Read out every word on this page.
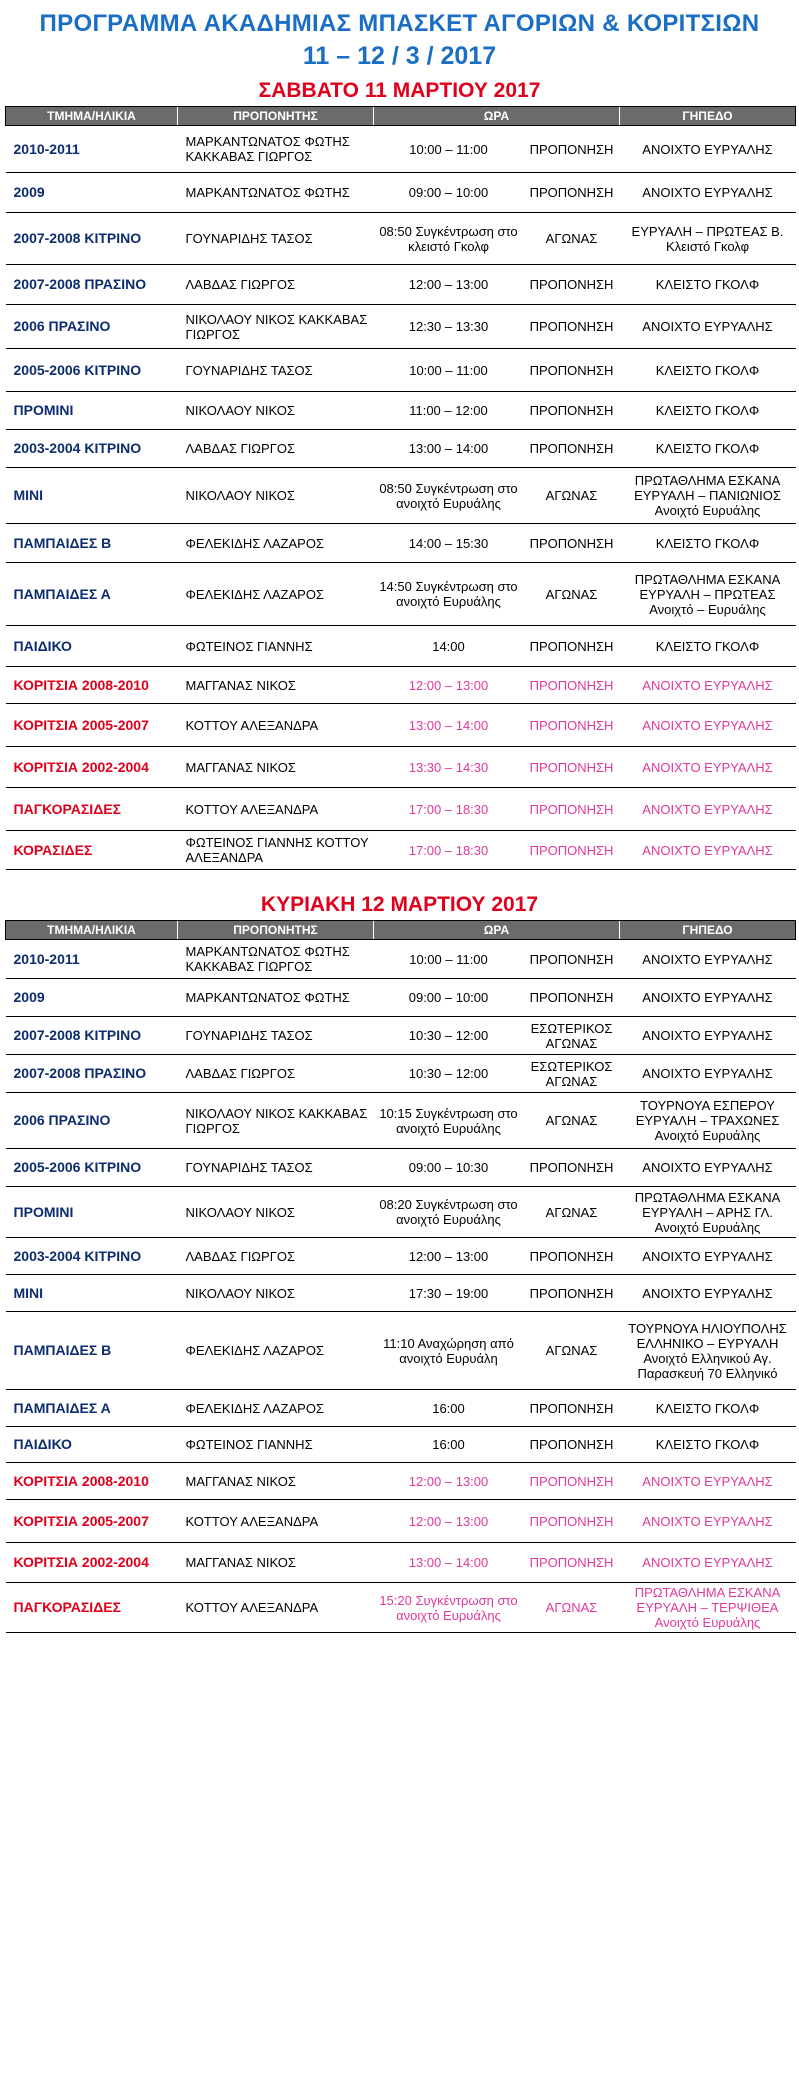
ΠΡΟΓΡΑΜΜΑ ΑΚΑΔΗΜΙΑΣ ΜΠΑΣΚΕΤ ΑΓΟΡΙΩΝ & ΚΟΡΙΤΣΙΩΝ
11 – 12 / 3 / 2017
ΣΑΒΒΑΤΟ 11 ΜΑΡΤΙΟΥ 2017
ΤΜΗΜΑ/ΗΛΙΚΙΑ	ΠΡΟΠΟΝΗΤΗΣ	ΩΡΑ		ΓΗΠΕΔΟ
2010-2011	ΜΑΡΚΑΝΤΩΝΑΤΟΣ ΦΩΤΗΣ ΚΑΚΚΑΒΑΣ ΓΙΩΡΓΟΣ	10:00 – 11:00	ΠΡΟΠΟΝΗΣΗ	ΑΝΟΙΧΤΟ ΕΥΡΥΑΛΗΣ
2009	ΜΑΡΚΑΝΤΩΝΑΤΟΣ ΦΩΤΗΣ	09:00 – 10:00	ΠΡΟΠΟΝΗΣΗ	ΑΝΟΙΧΤΟ ΕΥΡΥΑΛΗΣ
2007-2008 ΚΙΤΡΙΝΟ	ΓΟΥΝΑΡΙΔΗΣ ΤΑΣΟΣ	08:50 Συγκέντρωση στο κλειστό Γκολφ	ΑΓΩΝΑΣ	ΕΥΡΥΑΛΗ – ΠΡΩΤΕΑΣ Β. Κλειστό Γκολφ
2007-2008 ΠΡΑΣΙΝΟ	ΛΑΒΔΑΣ ΓΙΩΡΓΟΣ	12:00 – 13:00	ΠΡΟΠΟΝΗΣΗ	ΚΛΕΙΣΤΟ ΓΚΟΛΦ
2006 ΠΡΑΣΙΝΟ	ΝΙΚΟΛΑΟΥ ΝΙΚΟΣ ΚΑΚΚΑΒΑΣ ΓΙΩΡΓΟΣ	12:30 – 13:30	ΠΡΟΠΟΝΗΣΗ	ΑΝΟΙΧΤΟ ΕΥΡΥΑΛΗΣ
2005-2006 ΚΙΤΡΙΝΟ	ΓΟΥΝΑΡΙΔΗΣ ΤΑΣΟΣ	10:00 – 11:00	ΠΡΟΠΟΝΗΣΗ	ΚΛΕΙΣΤΟ ΓΚΟΛΦ
ΠΡΟΜΙΝΙ	ΝΙΚΟΛΑΟΥ ΝΙΚΟΣ	11:00 – 12:00	ΠΡΟΠΟΝΗΣΗ	ΚΛΕΙΣΤΟ ΓΚΟΛΦ
2003-2004 ΚΙΤΡΙΝΟ	ΛΑΒΔΑΣ ΓΙΩΡΓΟΣ	13:00 – 14:00	ΠΡΟΠΟΝΗΣΗ	ΚΛΕΙΣΤΟ ΓΚΟΛΦ
ΜΙΝΙ	ΝΙΚΟΛΑΟΥ ΝΙΚΟΣ	08:50 Συγκέντρωση στο ανοιχτό Ευρυάλης	ΑΓΩΝΑΣ	ΠΡΩΤΑΘΛΗΜΑ ΕΣΚΑΝΑ ΕΥΡΥΑΛΗ – ΠΑΝΙΩΝΙΟΣ Ανοιχτό Ευρυάλης
ΠΑΜΠΑΙΔΕΣ Β	ΦΕΛΕΚΙΔΗΣ ΛΑΖΑΡΟΣ	14:00 – 15:30	ΠΡΟΠΟΝΗΣΗ	ΚΛΕΙΣΤΟ ΓΚΟΛΦ
ΠΑΜΠΑΙΔΕΣ Α	ΦΕΛΕΚΙΔΗΣ ΛΑΖΑΡΟΣ	14:50 Συγκέντρωση στο ανοιχτό Ευρυάλης	ΑΓΩΝΑΣ	ΠΡΩΤΑΘΛΗΜΑ ΕΣΚΑΝΑ ΕΥΡΥΑΛΗ – ΠΡΩΤΕΑΣ Ανοιχτό – Ευρυάλης
ΠΑΙΔΙΚΟ	ΦΩΤΕΙΝΟΣ ΓΙΑΝΝΗΣ	14:00	ΠΡΟΠΟΝΗΣΗ	ΚΛΕΙΣΤΟ ΓΚΟΛΦ
ΚΟΡΙΤΣΙΑ 2008-2010	ΜΑΓΓΑΝΑΣ ΝΙΚΟΣ	12:00 – 13:00	ΠΡΟΠΟΝΗΣΗ	ΑΝΟΙΧΤΟ ΕΥΡΥΑΛΗΣ
ΚΟΡΙΤΣΙΑ 2005-2007	ΚΟΤΤΟΥ ΑΛΕΞΑΝΔΡΑ	13:00 – 14:00	ΠΡΟΠΟΝΗΣΗ	ΑΝΟΙΧΤΟ ΕΥΡΥΑΛΗΣ
ΚΟΡΙΤΣΙΑ 2002-2004	ΜΑΓΓΑΝΑΣ ΝΙΚΟΣ	13:30 – 14:30	ΠΡΟΠΟΝΗΣΗ	ΑΝΟΙΧΤΟ ΕΥΡΥΑΛΗΣ
ΠΑΓΚΟΡΑΣΙΔΕΣ	ΚΟΤΤΟΥ ΑΛΕΞΑΝΔΡΑ	17:00 – 18:30	ΠΡΟΠΟΝΗΣΗ	ΑΝΟΙΧΤΟ ΕΥΡΥΑΛΗΣ
ΚΟΡΑΣΙΔΕΣ	ΦΩΤΕΙΝΟΣ ΓΙΑΝΝΗΣ ΚΟΤΤΟΥ ΑΛΕΞΑΝΔΡΑ	17:00 – 18:30	ΠΡΟΠΟΝΗΣΗ	ΑΝΟΙΧΤΟ ΕΥΡΥΑΛΗΣ
ΚΥΡΙΑΚΗ 12 ΜΑΡΤΙΟΥ 2017
ΤΜΗΜΑ/ΗΛΙΚΙΑ	ΠΡΟΠΟΝΗΤΗΣ	ΩΡΑ		ΓΗΠΕΔΟ
2010-2011	ΜΑΡΚΑΝΤΩΝΑΤΟΣ ΦΩΤΗΣ ΚΑΚΚΑΒΑΣ ΓΙΩΡΓΟΣ	10:00 – 11:00	ΠΡΟΠΟΝΗΣΗ	ΑΝΟΙΧΤΟ ΕΥΡΥΑΛΗΣ
2009	ΜΑΡΚΑΝΤΩΝΑΤΟΣ ΦΩΤΗΣ	09:00 – 10:00	ΠΡΟΠΟΝΗΣΗ	ΑΝΟΙΧΤΟ ΕΥΡΥΑΛΗΣ
2007-2008 ΚΙΤΡΙΝΟ	ΓΟΥΝΑΡΙΔΗΣ ΤΑΣΟΣ	10:30 – 12:00	ΕΣΩΤΕΡΙΚΟΣ ΑΓΩΝΑΣ	ΑΝΟΙΧΤΟ ΕΥΡΥΑΛΗΣ
2007-2008 ΠΡΑΣΙΝΟ	ΛΑΒΔΑΣ ΓΙΩΡΓΟΣ	10:30 – 12:00	ΕΣΩΤΕΡΙΚΟΣ ΑΓΩΝΑΣ	ΑΝΟΙΧΤΟ ΕΥΡΥΑΛΗΣ
2006 ΠΡΑΣΙΝΟ	ΝΙΚΟΛΑΟΥ ΝΙΚΟΣ ΚΑΚΚΑΒΑΣ ΓΙΩΡΓΟΣ	10:15 Συγκέντρωση στο ανοιχτό Ευρυάλης	ΑΓΩΝΑΣ	ΤΟΥΡΝΟΥΑ ΕΣΠΕΡΟΥ ΕΥΡΥΑΛΗ – ΤΡΑΧΩΝΕΣ Ανοιχτό Ευρυάλης
2005-2006 ΚΙΤΡΙΝΟ	ΓΟΥΝΑΡΙΔΗΣ ΤΑΣΟΣ	09:00 – 10:30	ΠΡΟΠΟΝΗΣΗ	ΑΝΟΙΧΤΟ ΕΥΡΥΑΛΗΣ
ΠΡΟΜΙΝΙ	ΝΙΚΟΛΑΟΥ ΝΙΚΟΣ	08:20 Συγκέντρωση στο ανοιχτό Ευρυάλης	ΑΓΩΝΑΣ	ΠΡΩΤΑΘΛΗΜΑ ΕΣΚΑΝΑ ΕΥΡΥΑΛΗ – ΑΡΗΣ ΓΛ. Ανοιχτό Ευρυάλης
2003-2004 ΚΙΤΡΙΝΟ	ΛΑΒΔΑΣ ΓΙΩΡΓΟΣ	12:00 – 13:00	ΠΡΟΠΟΝΗΣΗ	ΑΝΟΙΧΤΟ ΕΥΡΥΑΛΗΣ
ΜΙΝΙ	ΝΙΚΟΛΑΟΥ ΝΙΚΟΣ	17:30 – 19:00	ΠΡΟΠΟΝΗΣΗ	ΑΝΟΙΧΤΟ ΕΥΡΥΑΛΗΣ
ΠΑΜΠΑΙΔΕΣ Β	ΦΕΛΕΚΙΔΗΣ ΛΑΖΑΡΟΣ	11:10 Αναχώρηση από ανοιχτό Ευρυάλη	ΑΓΩΝΑΣ	ΤΟΥΡΝΟΥΑ ΗΛΙΟΥΠΟΛΗΣ ΕΛΛΗΝΙΚΟ – ΕΥΡΥΑΛΗ Ανοιχτό Ελληνικού Αγ. Παρασκευή 70 Ελληνικό
ΠΑΜΠΑΙΔΕΣ Α	ΦΕΛΕΚΙΔΗΣ ΛΑΖΑΡΟΣ	16:00	ΠΡΟΠΟΝΗΣΗ	ΚΛΕΙΣΤΟ ΓΚΟΛΦ
ΠΑΙΔΙΚΟ	ΦΩΤΕΙΝΟΣ ΓΙΑΝΝΗΣ	16:00	ΠΡΟΠΟΝΗΣΗ	ΚΛΕΙΣΤΟ ΓΚΟΛΦ
ΚΟΡΙΤΣΙΑ 2008-2010	ΜΑΓΓΑΝΑΣ ΝΙΚΟΣ	12:00 – 13:00	ΠΡΟΠΟΝΗΣΗ	ΑΝΟΙΧΤΟ ΕΥΡΥΑΛΗΣ
ΚΟΡΙΤΣΙΑ 2005-2007	ΚΟΤΤΟΥ ΑΛΕΞΑΝΔΡΑ	12:00 – 13:00	ΠΡΟΠΟΝΗΣΗ	ΑΝΟΙΧΤΟ ΕΥΡΥΑΛΗΣ
ΚΟΡΙΤΣΙΑ 2002-2004	ΜΑΓΓΑΝΑΣ ΝΙΚΟΣ	13:00 – 14:00	ΠΡΟΠΟΝΗΣΗ	ΑΝΟΙΧΤΟ ΕΥΡΥΑΛΗΣ
ΠΑΓΚΟΡΑΣΙΔΕΣ	ΚΟΤΤΟΥ ΑΛΕΞΑΝΔΡΑ	15:20 Συγκέντρωση στο ανοιχτό Ευρυάλης	ΑΓΩΝΑΣ	ΠΡΩΤΑΘΛΗΜΑ ΕΣΚΑΝΑ ΕΥΡΥΑΛΗ – ΤΕΡΨΙΘΕΑ Ανοιχτό Ευρυάλης
